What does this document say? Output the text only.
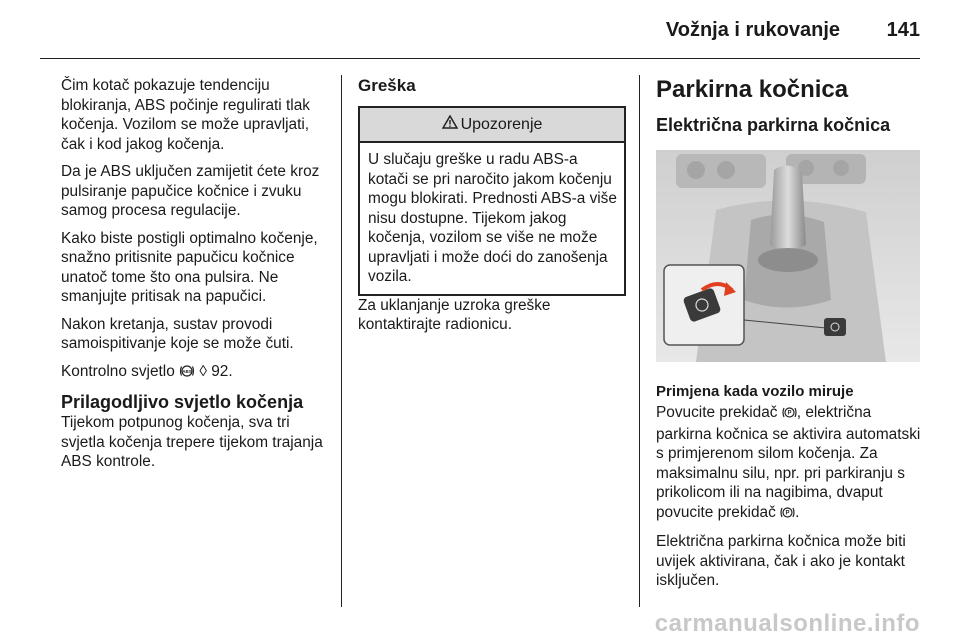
Vožnja i rukovanje 141

Čim kotač pokazuje tendenciju blokiranja, ABS počinje regulirati tlak kočenja. Vozilom se može upravljati, čak i kod jakog kočenja.

Da je ABS uključen zamijetit ćete kroz pulsiranje papučice kočnice i zvuku samog procesa regulacije.

Kako biste postigli optimalno kočenje, snažno pritisnite papučicu kočnice unatoč tome što ona pulsira. Ne smanjujte pritisak na papučici.

Nakon kretanja, sustav provodi samoispitivanje koje se može čuti.

Kontrolno svjetlo ABS ◊ 92.

Prilagodljivo svjetlo kočenja

Tijekom potpunog kočenja, sva tri svjetla kočenja trepere tijekom trajanja ABS kontrole.

Greška
Upozorenje
U slučaju greške u radu ABS-a kotači se pri naročito jakom kočenju mogu blokirati. Prednosti ABS-a više nisu dostupne. Tijekom jakog kočenja, vozilom se više ne može upravljati i može doći do zanošenja vozila.

Za uklanjanje uzroka greške kontaktirajte radionicu.

Parkirna kočnica
Električna parkirna kočnica
Primjena kada vozilo miruje

Povucite prekidač P , električna parkirna kočnica se aktivira automatski s primjerenom silom kočenja. Za maksimalnu silu, npr. pri parkiranju s prikolicom ili na nagibima, dvaput povucite prekidač P .

Električna parkirna kočnica može biti uvijek aktivirana, čak i ako je kontakt isključen.

carmanualsonline.info
